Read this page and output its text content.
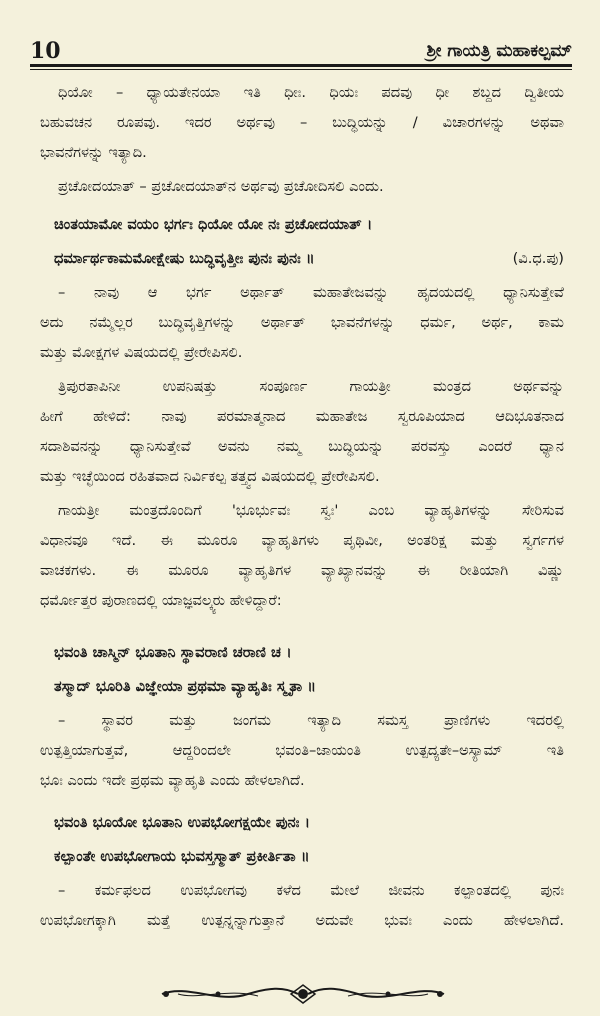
10	ಶ್ರೀ ಗಾಯತ್ರಿ ಮಹಾಕಲ್ಪಮ್
ಧಿಯೋ – ಧ್ಯಾಯತೇನಯಾ ಇತಿ ಧೀಃ. ಧಿಯಃ ಪದವು ಧೀ ಶಬ್ದದ ದ್ವಿತೀಯ
ಬಹುವಚನ ರೂಪವು. ಇದರ ಅರ್ಥವು – ಬುದ್ಧಿಯನ್ನು / ವಿಚಾರಗಳನ್ನು ಅಥವಾ
ಭಾವನೆಗಳನ್ನು ಇತ್ಯಾದಿ.
ಪ್ರಚೋದಯಾತ್ – ಪ್ರಚೋದಯಾತ್‌ನ ಅರ್ಥವು ಪ್ರಚೋದಿಸಲಿ ಎಂದು.
ಚಿಂತಯಾಮೋ ವಯಂ ಭರ್ಗಃ ಧಿಯೋ ಯೋ ನಃ ಪ್ರಚೋದಯಾತ್ ।
ಧರ್ಮಾರ್ಥಕಾಮಮೋಕ್ಷೇಷು ಬುದ್ಧಿವೃತ್ತೀಃ ಪುನಃ ಪುನಃ ॥	(ವಿ.ಧ.ಪು)
– ನಾವು ಆ ಭರ್ಗ ಅರ್ಥಾತ್ ಮಹಾತೇಜವನ್ನು ಹೃದಯದಲ್ಲಿ ಧ್ಯಾನಿಸುತ್ತೇವೆ
ಅದು ನಮ್ಮೆಲ್ಲರ ಬುದ್ಧಿವೃತ್ತಿಗಳನ್ನು ಅರ್ಥಾತ್ ಭಾವನೆಗಳನ್ನು ಧರ್ಮ, ಅರ್ಥ, ಕಾಮ
ಮತ್ತು ಮೋಕ್ಷಗಳ ವಿಷಯದಲ್ಲಿ ಪ್ರೇರೇಪಿಸಲಿ.
ತ್ರಿಪುರತಾಪಿನೀ ಉಪನಿಷತ್ತು ಸಂಪೂರ್ಣ ಗಾಯತ್ರೀ ಮಂತ್ರದ ಅರ್ಥವನ್ನು
ಹೀಗೆ ಹೇಳಿದೆ: ನಾವು ಪರಮಾತ್ಮನಾದ ಮಹಾತೇಜ ಸ್ವರೂಪಿಯಾದ ಆದಿಭೂತನಾದ
ಸದಾಶಿವನನ್ನು ಧ್ಯಾನಿಸುತ್ತೇವೆ ಅವನು ನಮ್ಮ ಬುದ್ಧಿಯನ್ನು ಪರವಸ್ತು ಎಂದರೆ ಧ್ಯಾನ
ಮತ್ತು ಇಚ್ಛೆಯಿಂದ ರಹಿತವಾದ ನಿರ್ವಿಕಲ್ಪ ತತ್ತ್ವದ ವಿಷಯದಲ್ಲಿ ಪ್ರೇರೇಪಿಸಲಿ.
ಗಾಯತ್ರೀ ಮಂತ್ರದೊಂದಿಗೆ 'ಭೂರ್ಭುವಃ ಸ್ವಃ' ಎಂಬ ವ್ಯಾಹೃತಿಗಳನ್ನು ಸೇರಿಸುವ
ವಿಧಾನವೂ ಇದೆ. ಈ ಮೂರೂ ವ್ಯಾಹೃತಿಗಳು ಪೃಥಿವೀ, ಅಂತರಿಕ್ಷ ಮತ್ತು ಸ್ವರ್ಗಗಳ
ವಾಚಕಗಳು. ಈ ಮೂರೂ ವ್ಯಾಹೃತಿಗಳ ವ್ಯಾಖ್ಯಾನವನ್ನು ಈ ರೀತಿಯಾಗಿ ವಿಷ್ಣು
ಧರ್ಮೋತ್ತರ ಪುರಾಣದಲ್ಲಿ ಯಾಜ್ಞವಲ್ಕ್ಯರು ಹೇಳಿದ್ದಾರೆ:
ಭವಂತಿ ಚಾಸ್ಮಿನ್ ಭೂತಾನಿ ಸ್ಥಾವರಾಣಿ ಚರಾಣಿ ಚ ।
ತಸ್ಮಾದ್ ಭೂರಿತಿ ವಿಜ್ಞೇಯಾ ಪ್ರಥಮಾ ವ್ಯಾಹೃತಿಃ ಸ್ಮೃತಾ ॥
– ಸ್ಥಾವರ ಮತ್ತು ಜಂಗಮ ಇತ್ಯಾದಿ ಸಮಸ್ತ ಪ್ರಾಣಿಗಳು ಇದರಲ್ಲಿ
ಉತ್ಪತ್ತಿಯಾಗುತ್ತವೆ, ಆದ್ದರಿಂದಲೇ ಭವಂತಿ–ಜಾಯಂತಿ ಉತ್ಪದ್ಯತೇ–ಅಸ್ಯಾಮ್ ಇತಿ
ಭೂಃ ಎಂದು ಇದೇ ಪ್ರಥಮ ವ್ಯಾಹೃತಿ ಎಂದು ಹೇಳಲಾಗಿದೆ.
ಭವಂತಿ ಭೂಯೋ ಭೂತಾನಿ ಉಪಭೋಗಕ್ಷಯೇ ಪುನಃ ।
ಕಲ್ಪಾಂತೇ ಉಪಭೋಗಾಯ ಭುವಸ್ತಸ್ಮಾತ್ ಪ್ರಕೀರ್ತಿತಾ ॥
– ಕರ್ಮಫಲದ ಉಪಭೋಗವು ಕಳೆದ ಮೇಲೆ ಜೀವನು ಕಲ್ಪಾಂತದಲ್ಲಿ ಪುನಃ
ಉಪಭೋಗಕ್ಕಾಗಿ ಮತ್ತೆ ಉತ್ಪನ್ನನ್ನಾಗುತ್ತಾನೆ ಅದುವೇ ಭುವಃ ಎಂದು ಹೇಳಲಾಗಿದೆ.
